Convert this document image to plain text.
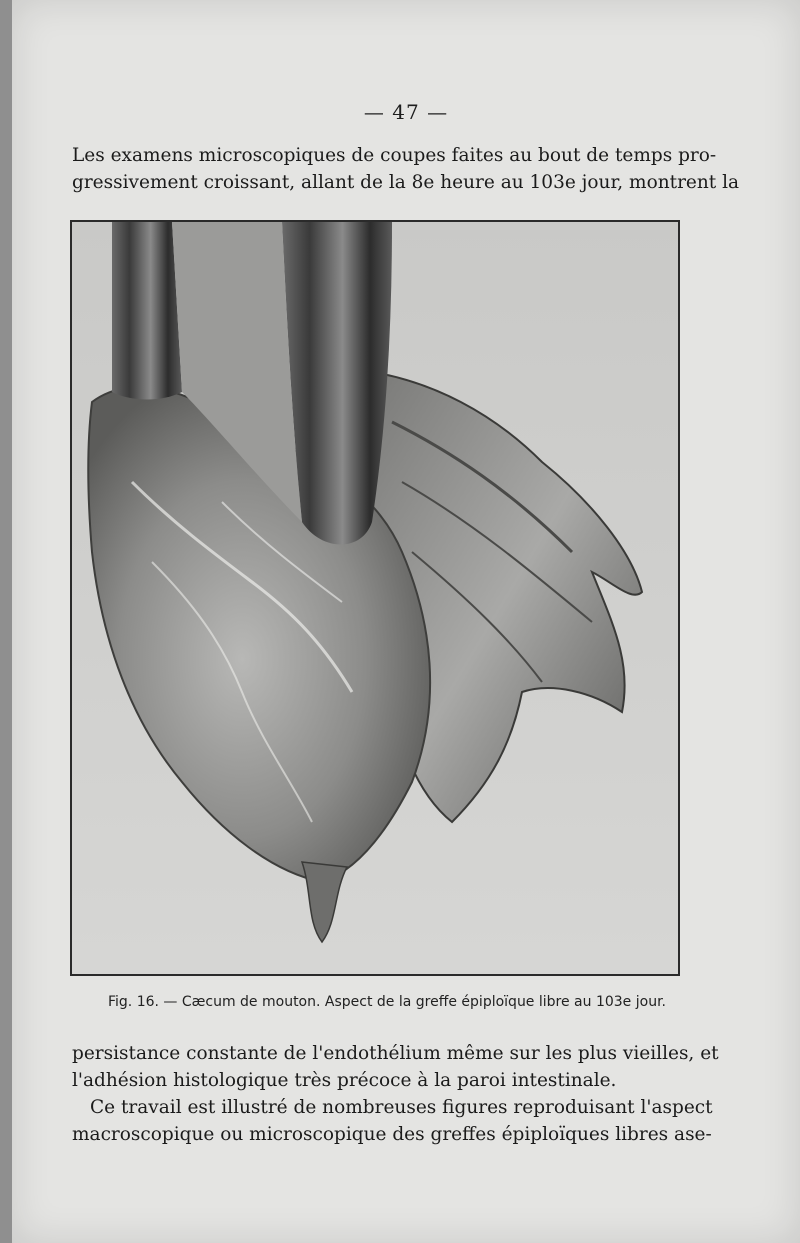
— 47 —
Les examens microscopiques de coupes faites au bout de temps pro-
gressivement croissant, allant de la 8e heure au 103e jour, montrent la
Fig. 16. — Cæcum de mouton. Aspect de la greffe épiploïque libre au 103e jour.
persistance constante de l'endothélium même sur les plus vieilles, et
l'adhésion histologique très précoce à la paroi intestinale.
Ce travail est illustré de nombreuses figures reproduisant l'aspect
macroscopique ou microscopique des greffes épiploïques libres ase-
